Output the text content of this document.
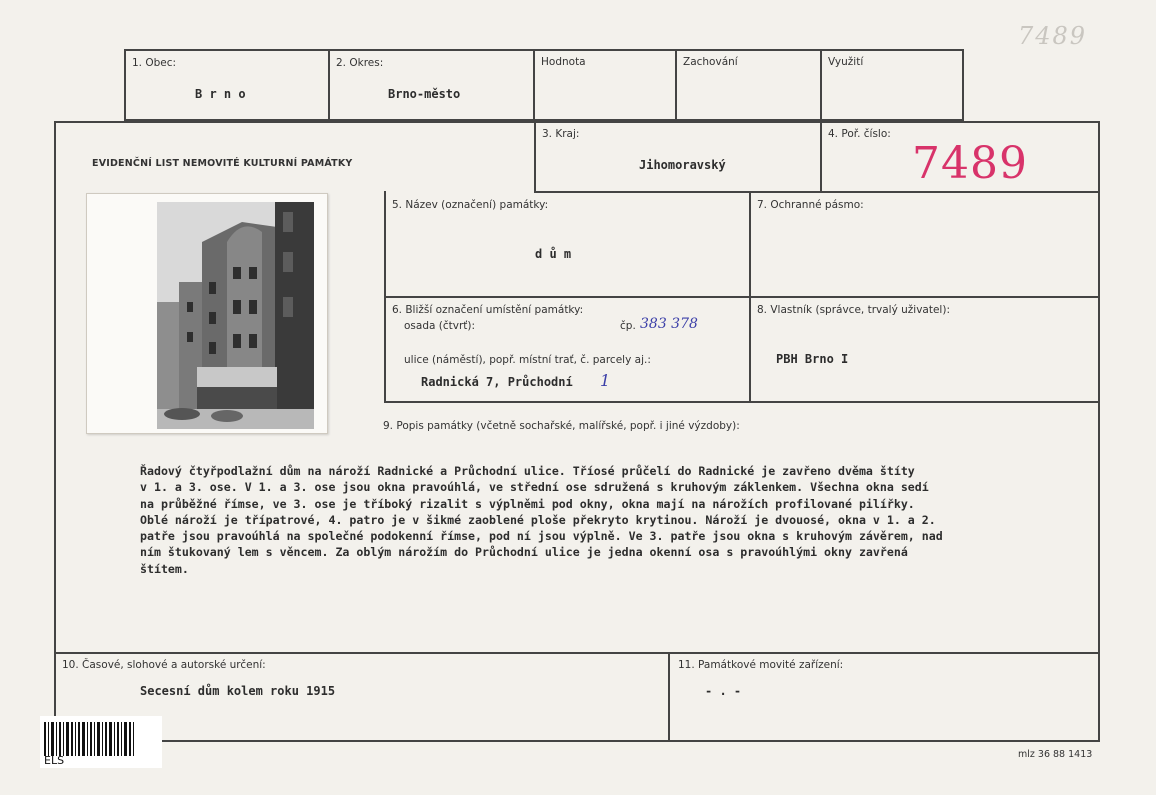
7489
1. Obec:
B r n o
2. Okres:
Brno-město
Hodnota	Zachování	Využití
EVIDENČNÍ LIST NEMOVITÉ KULTURNÍ PAMÁTKY
3. Kraj:
Jihomoravský
4. Poř. číslo:
7489
5. Název (označení) památky:
d ů m
7. Ochranné pásmo:
6. Bližší označení umístění památky:
osada (čtvrť):	čp. 383 378
ulice (náměstí), popř. místní trať, č. parcely aj.:
Radnická 7, Průchodní 1
8. Vlastník (správce, trvalý uživatel):
PBH Brno I
9. Popis památky (včetně sochařské, malířské, popř. i jiné výzdoby):
Řadový čtyřpodlažní dům na nároží Radnické a Průchodní ulice. Tříosé průčelí do Radnické je zavřeno dvěma štíty
v 1. a 3. ose. V 1. a 3. ose jsou okna pravoúhlá, ve střední ose sdružená s kruhovým záklenkem. Všechna okna sedí
na průběžné římse, ve 3. ose je tříboký rizalit s výplněmi pod okny, okna mají na nárožích profilované pilířky.
Oblé nároží je třípatrové, 4. patro je v šikmé zaoblené ploše překryto krytinou. Nároží je dvouosé, okna v 1. a 2.
patře jsou pravoúhlá na společné podokenní římse, pod ní jsou výplně. Ve 3. patře jsou okna s kruhovým závěrem, nad
ním štukovaný lem s věncem. Za oblým nárožím do Průchodní ulice je jedna okenní osa s pravoúhlými okny zavřená
štítem.
10. Časové, slohové a autorské určení:
Secesní dům kolem roku 1915
11. Památkové movité zařízení:
- . -
mlz 36 88 1413
ELS
